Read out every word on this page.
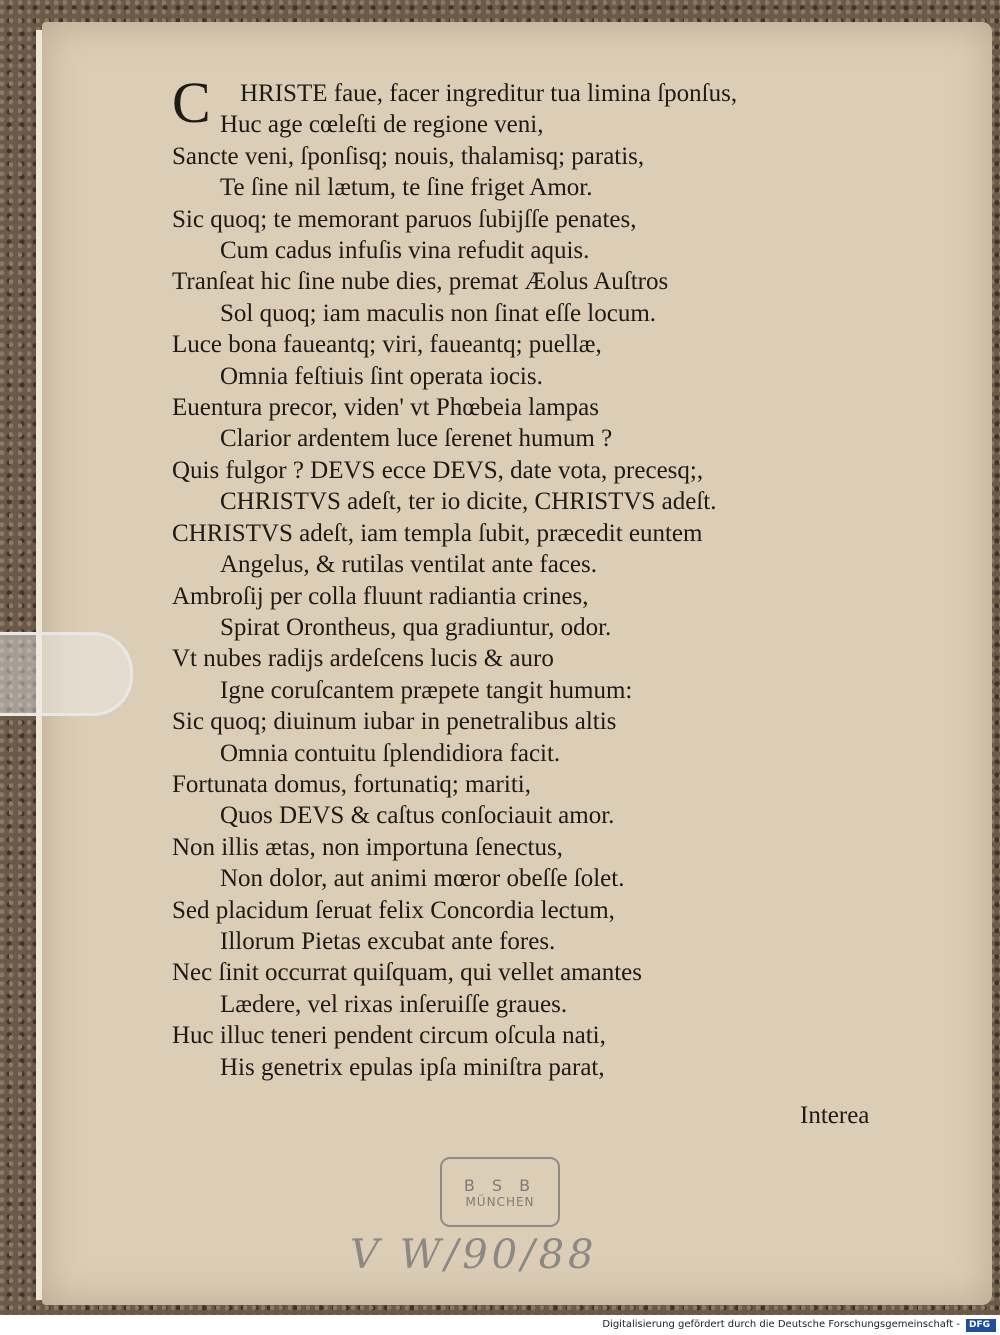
C HRISTE faue, facer ingreditur tua limina ſponſus,
Huc age cœleſti de regione veni,
Sancte veni, ſponſisq; nouis, thalamisq; paratis,
Te ſine nil lætum, te ſine friget Amor.
Sic quoq; te memorant paruos ſubijſſe penates,
Cum cadus infuſis vina refudit aquis.
Tranſeat hic ſine nube dies, premat Æolus Auſtros
Sol quoq; iam maculis non ſinat eſſe locum.
Luce bona faueantq; viri, faueantq; puellæ,
Omnia feſtiuis ſint operata iocis.
Euentura precor, viden' vt Phœbeia lampas
Clarior ardentem luce ſerenet humum ?
Quis fulgor ? DEVS ecce DEVS, date vota, precesq;,
CHRISTVS adeſt, ter io dicite, CHRISTVS adeſt.
CHRISTVS adeſt, iam templa ſubit, præcedit euntem
Angelus, & rutilas ventilat ante faces.
Ambroſij per colla fluunt radiantia crines,
Spirat Orontheus, qua gradiuntur, odor.
Vt nubes radijs ardeſcens lucis & auro
Igne coruſcantem præpete tangit humum:
Sic quoq; diuinum iubar in penetralibus altis
Omnia contuitu ſplendidiora facit.
Fortunata domus, fortunatiq; mariti,
Quos DEVS & caſtus conſociauit amor.
Non illis ætas, non importuna ſenectus,
Non dolor, aut animi mœror obeſſe ſolet.
Sed placidum ſeruat felix Concordia lectum,
Illorum Pietas excubat ante fores.
Nec ſinit occurrat quiſquam, qui vellet amantes
Lædere, vel rixas inſeruiſſe graues.
Huc illuc teneri pendent circum oſcula nati,
His genetrix epulas ipſa miniſtra parat,
Interea
B S B
MÜNCHEN
V W/90/88
Digitalisierung gefördert durch die Deutsche Forschungsgemeinschaft - DFG
